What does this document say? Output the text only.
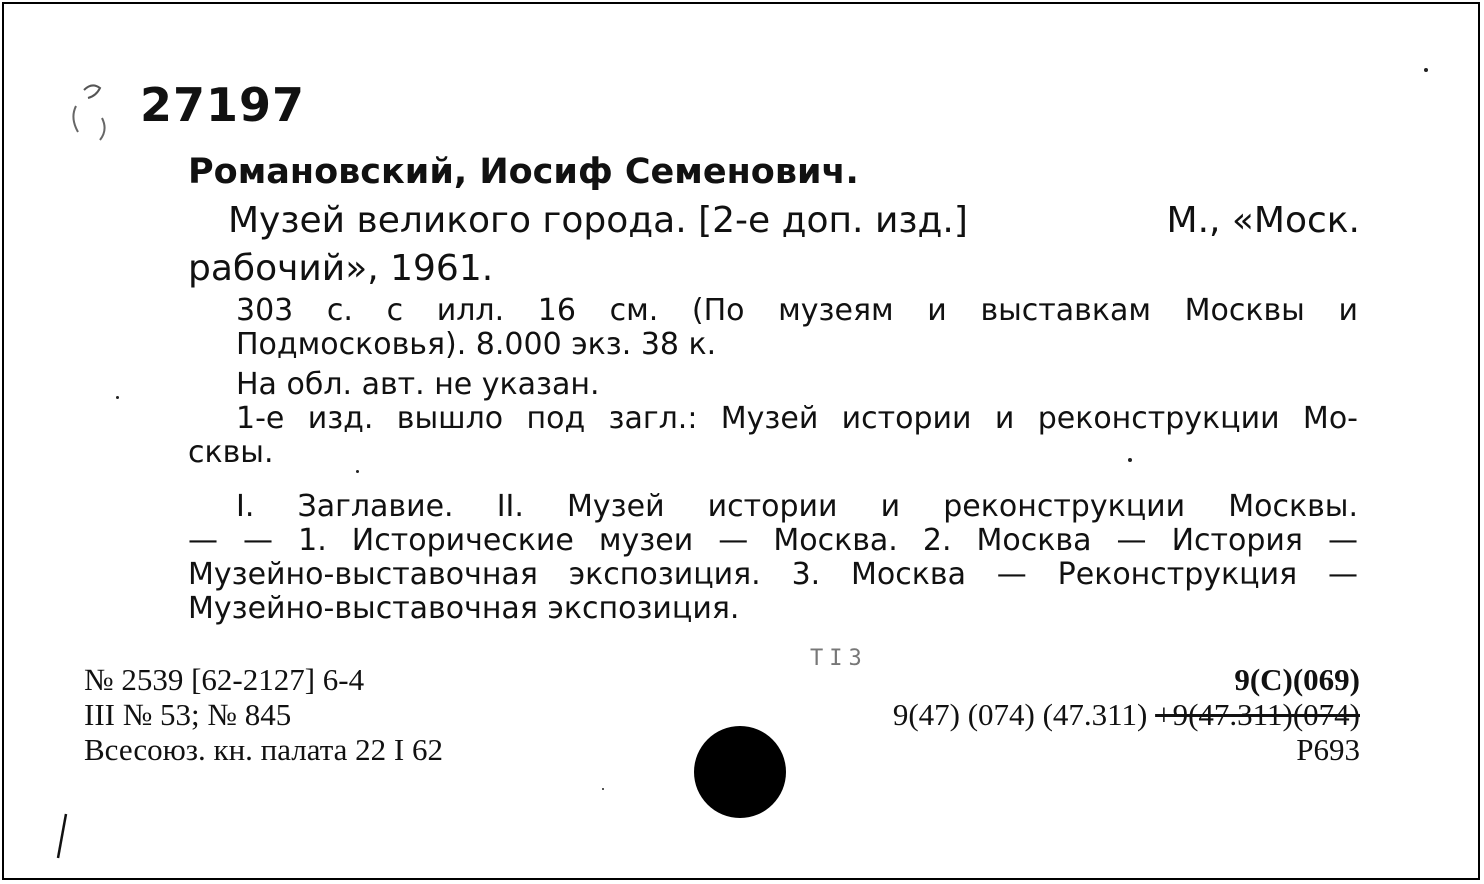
27197
Романовский, Иосиф Семенович.
Музей великого города. [2-е доп. изд.]	М., «Моск.
рабочий», 1961.
303 с. с илл. 16 см. (По музеям и выставкам Москвы и
Подмосковья). 8.000 экз. 38 к.
На обл. авт. не указан.
1-е изд. вышло под загл.: Музей истории и реконструкции Мо-
сквы.
I. Заглавие. II. Музей истории и реконструкции Москвы.
— — 1. Исторические музеи — Москва. 2. Москва — История —
Музейно-выставочная экспозиция. 3. Москва — Реконструкция —
Музейно-выставочная экспозиция.
ТІЗ
№ 2539 [62-2127] 6-4
III № 53; № 845
Всесоюз. кн. палата 22 I 62
9(С)(069)
9(47) (074) (47.311) +9(47.311)(074)
Р693
